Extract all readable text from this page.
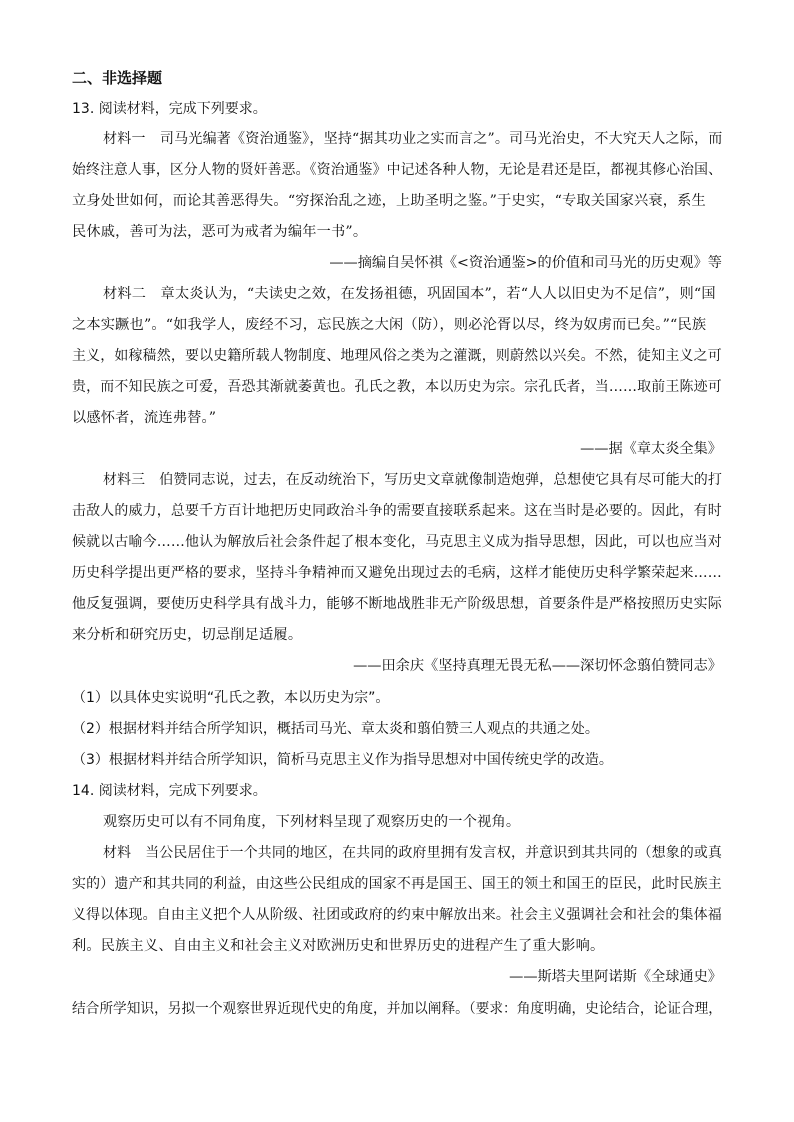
二、非选择题
13. 阅读材料，完成下列要求。
材料一　司马光编著《资治通鉴》，坚持“据其功业之实而言之”。司马光治史，不大究天人之际，而
始终注意人事，区分人物的贤奸善恶。《资治通鉴》中记述各种人物，无论是君还是臣，都视其修心治国、
立身处世如何，而论其善恶得失。“穷探治乱之迹，上助圣明之鉴。”于史实，“专取关国家兴衰，系生
民休戚，善可为法，恶可为戒者为编年一书”。
——摘编自吴怀祺《<资治通鉴>的价值和司马光的历史观》等
材料二　章太炎认为，“夫读史之效，在发扬祖德，巩固国本”，若“人人以旧史为不足信”，则“国
之本实蹶也”。“如我学人，废经不习，忘民族之大闲（防），则必沦胥以尽，终为奴虏而已矣。”“民族
主义，如稼穑然，要以史籍所载人物制度、地理风俗之类为之灌溉，则蔚然以兴矣。不然，徒知主义之可
贵，而不知民族之可爱，吾恐其渐就萎黄也。孔氏之教，本以历史为宗。宗孔氏者，当……取前王陈迹可
以感怀者，流连弗替。”
——据《章太炎全集》
材料三　伯赞同志说，过去，在反动统治下，写历史文章就像制造炮弹，总想使它具有尽可能大的打
击敌人的威力，总要千方百计地把历史同政治斗争的需要直接联系起来。这在当时是必要的。因此，有时
候就以古喻今……他认为解放后社会条件起了根本变化，马克思主义成为指导思想，因此，可以也应当对
历史科学提出更严格的要求，坚持斗争精神而又避免出现过去的毛病，这样才能使历史科学繁荣起来……
他反复强调，要使历史科学具有战斗力，能够不断地战胜非无产阶级思想，首要条件是严格按照历史实际
来分析和研究历史，切忌削足适履。
——田余庆《坚持真理无畏无私——深切怀念翦伯赞同志》
（1）以具体史实说明“孔氏之教，本以历史为宗”。
（2）根据材料并结合所学知识，概括司马光、章太炎和翦伯赞三人观点的共通之处。
（3）根据材料并结合所学知识，简析马克思主义作为指导思想对中国传统史学的改造。
14. 阅读材料，完成下列要求。
观察历史可以有不同角度，下列材料呈现了观察历史的一个视角。
材料　当公民居住于一个共同的地区，在共同的政府里拥有发言权，并意识到其共同的（想象的或真
实的）遗产和其共同的利益，由这些公民组成的国家不再是国王、国王的领土和国王的臣民，此时民族主
义得以体现。自由主义把个人从阶级、社团或政府的约束中解放出来。社会主义强调社会和社会的集体福
利。民族主义、自由主义和社会主义对欧洲历史和世界历史的进程产生了重大影响。
——斯塔夫里阿诺斯《全球通史》
结合所学知识，另拟一个观察世界近现代史的角度，并加以阐释。（要求：角度明确，史论结合，论证合理，
